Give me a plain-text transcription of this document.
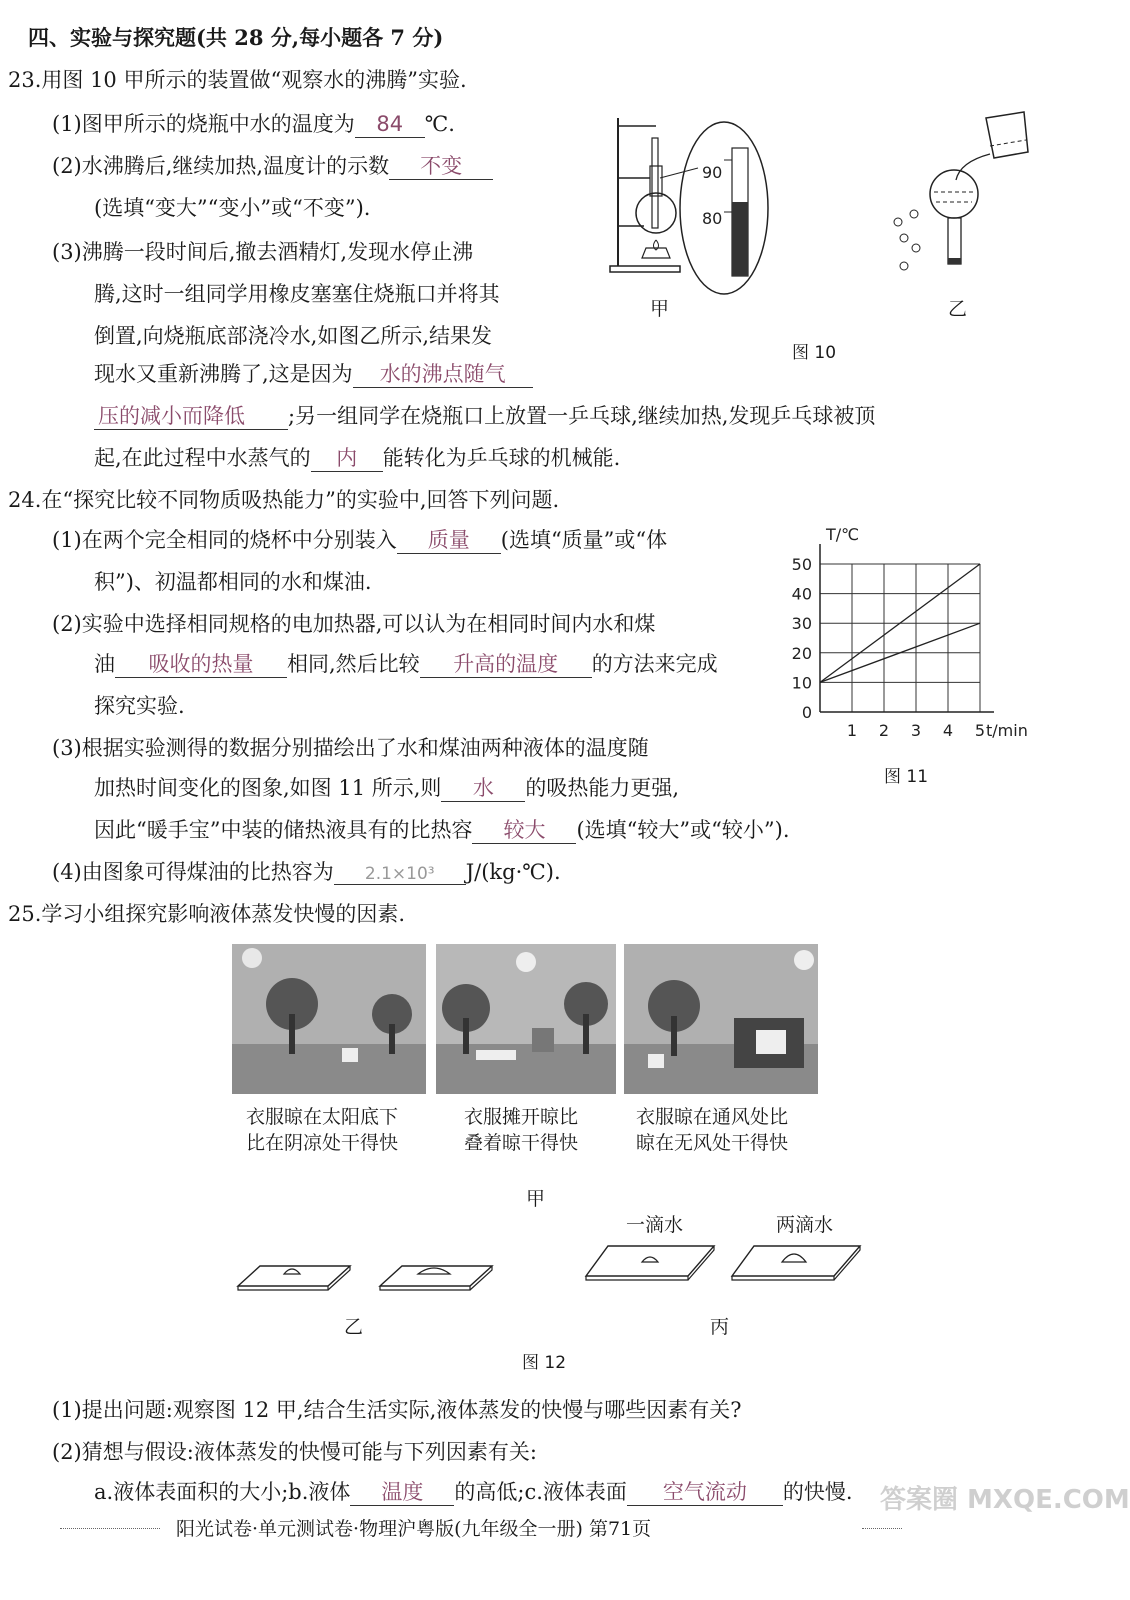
四、实验与探究题(共 28 分,每小题各 7 分)
23.用图 10 甲所示的装置做“观察水的沸腾”实验.
(1)图甲所示的烧瓶中水的温度为 84 ℃.
(2)水沸腾后,继续加热,温度计的示数 不变
(选填“变大”“变小”或“不变”).
(3)沸腾一段时间后,撤去酒精灯,发现水停止沸
腾,这时一组同学用橡皮塞塞住烧瓶口并将其
倒置,向烧瓶底部浇冷水,如图乙所示,结果发
现水又重新沸腾了,这是因为 水的沸点随气
压的减小而降低 ;另一组同学在烧瓶口上放置一乒乓球,继续加热,发现乒乓球被顶
起,在此过程中水蒸气的 内 能转化为乒乓球的机械能.
90
80
甲	乙
图 10
24.在“探究比较不同物质吸热能力”的实验中,回答下列问题.
(1)在两个完全相同的烧杯中分别装入 质量 (选填“质量”或“体
积”)、初温都相同的水和煤油.
(2)实验中选择相同规格的电加热器,可以认为在相同时间内水和煤
油 吸收的热量 相同,然后比较 升高的温度 的方法来完成
探究实验.
(3)根据实验测得的数据分别描绘出了水和煤油两种液体的温度随
加热时间变化的图象,如图 11 所示,则 水 的吸热能力更强,
因此“暖手宝”中装的储热液具有的比热容 较大 (选填“较大”或“较小”).
(4)由图象可得煤油的比热容为 2.1×10³ J/(kg·℃).
0
10
20
30
40
50
1 2 3 4 5
T/℃
t/min
图 11
25.学习小组探究影响液体蒸发快慢的因素.
衣服晾在太阳底下
比在阴凉处干得快
衣服摊开晾比
叠着晾干得快
衣服晾在通风处比
晾在无风处干得快
甲
一滴水	两滴水
乙	丙
图 12
(1)提出问题:观察图 12 甲,结合生活实际,液体蒸发的快慢与哪些因素有关?
(2)猜想与假设:液体蒸发的快慢可能与下列因素有关:
a.液体表面积的大小;b.液体 温度 的高低;c.液体表面 空气流动 的快慢.
阳光试卷·单元测试卷·物理沪粤版(九年级全一册) 第71页
答案圈 MXQE.COM
